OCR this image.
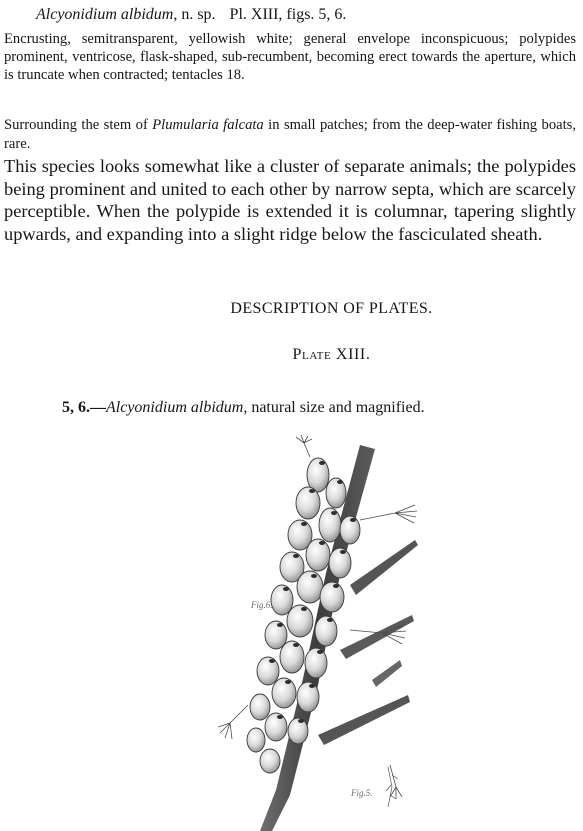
Alcyonidium albidum, n. sp. Pl. XIII, figs. 5, 6.

Encrusting, semitransparent, yellowish white; general envelope inconspicuous; polypides prominent, ventricose, flask-shaped, sub-recumbent, becoming erect towards the aperture, which is truncate when contracted; tentacles 18.

Surrounding the stem of Plumularia falcata in small patches; from the deep-water fishing boats, rare.

This species looks somewhat like a cluster of separate animals; the polypides being prominent and united to each other by narrow septa, which are scarcely perceptible. When the polypide is extended it is columnar, tapering slightly upwards, and expanding into a slight ridge below the fasciculated sheath.

DESCRIPTION OF PLATES.
Plate XIII.

5, 6.—Alcyonidium albidum, natural size and magnified.

Fig.6.
Fig.5.
